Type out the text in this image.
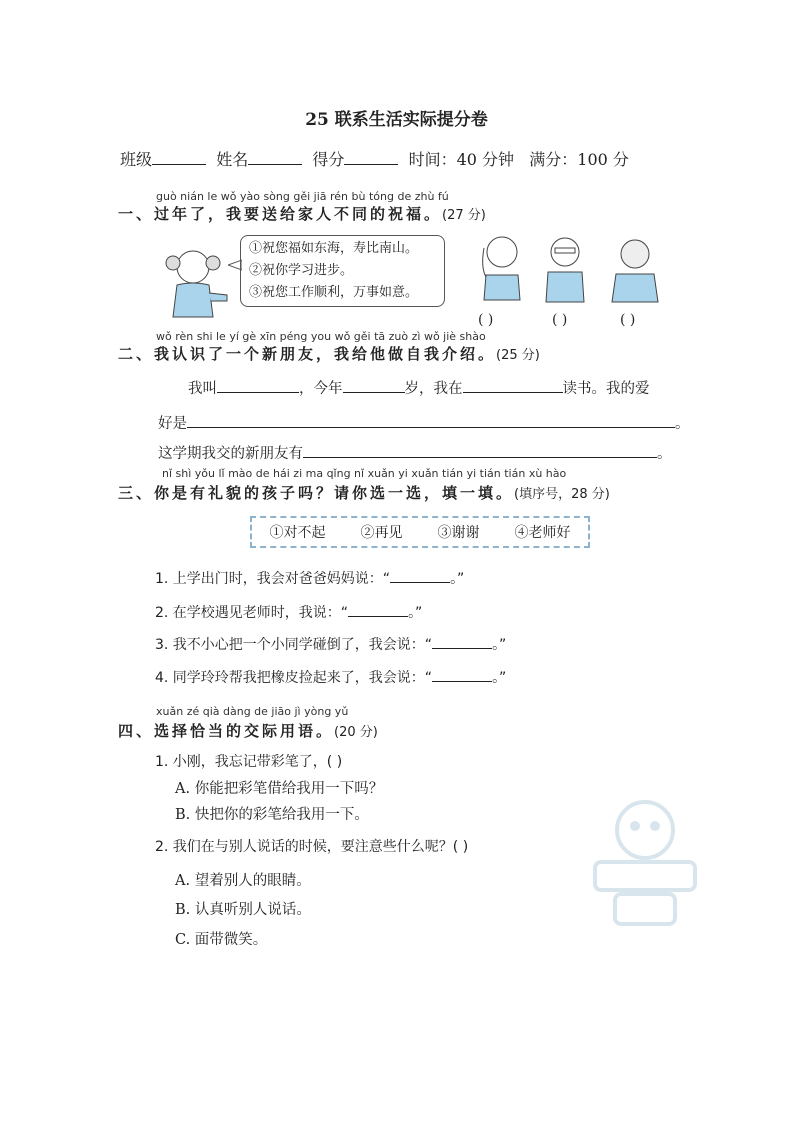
25 联系生活实际提分卷
班级	姓名	得分	时间：40 分钟 满分：100 分
guò nián le wǒ yào sòng gěi jiā rén bù tóng de zhù fú
一、过年了，我要送给家人不同的祝福。(27 分)
①祝您福如东海，寿比南山。
②祝你学习进步。
③祝您工作顺利，万事如意。
( )	( )	( )
wǒ rèn shi le yí gè xīn péng you wǒ gěi tā zuò zì wǒ jiè shào
二、我认识了一个新朋友，我给他做自我介绍。(25 分)
我叫	，今年	岁，我在	读书。我的爱
好是	。
这学期我交的新朋友有	。
nǐ shì yǒu lǐ mào de hái zi ma qǐng nǐ xuǎn yi xuǎn tián yi tián tián xù hào
三、你是有礼貌的孩子吗？请你选一选，填一填。(填序号，28 分)
①对不起	②再见	③谢谢	④老师好
1. 上学出门时，我会对爸爸妈妈说：“	。”
2. 在学校遇见老师时，我说：“	。”
3. 我不小心把一个小同学碰倒了，我会说：“	。”
4. 同学玲玲帮我把橡皮捡起来了，我会说：“	。”
xuǎn zé qià dàng de jiāo jì yòng yǔ
四、选择恰当的交际用语。(20 分)
1. 小刚，我忘记带彩笔了，( )
A. 你能把彩笔借给我用一下吗？
B. 快把你的彩笔给我用一下。
2. 我们在与别人说话的时候，要注意些什么呢？( )
A. 望着别人的眼睛。
B. 认真听别人说话。
C. 面带微笑。
